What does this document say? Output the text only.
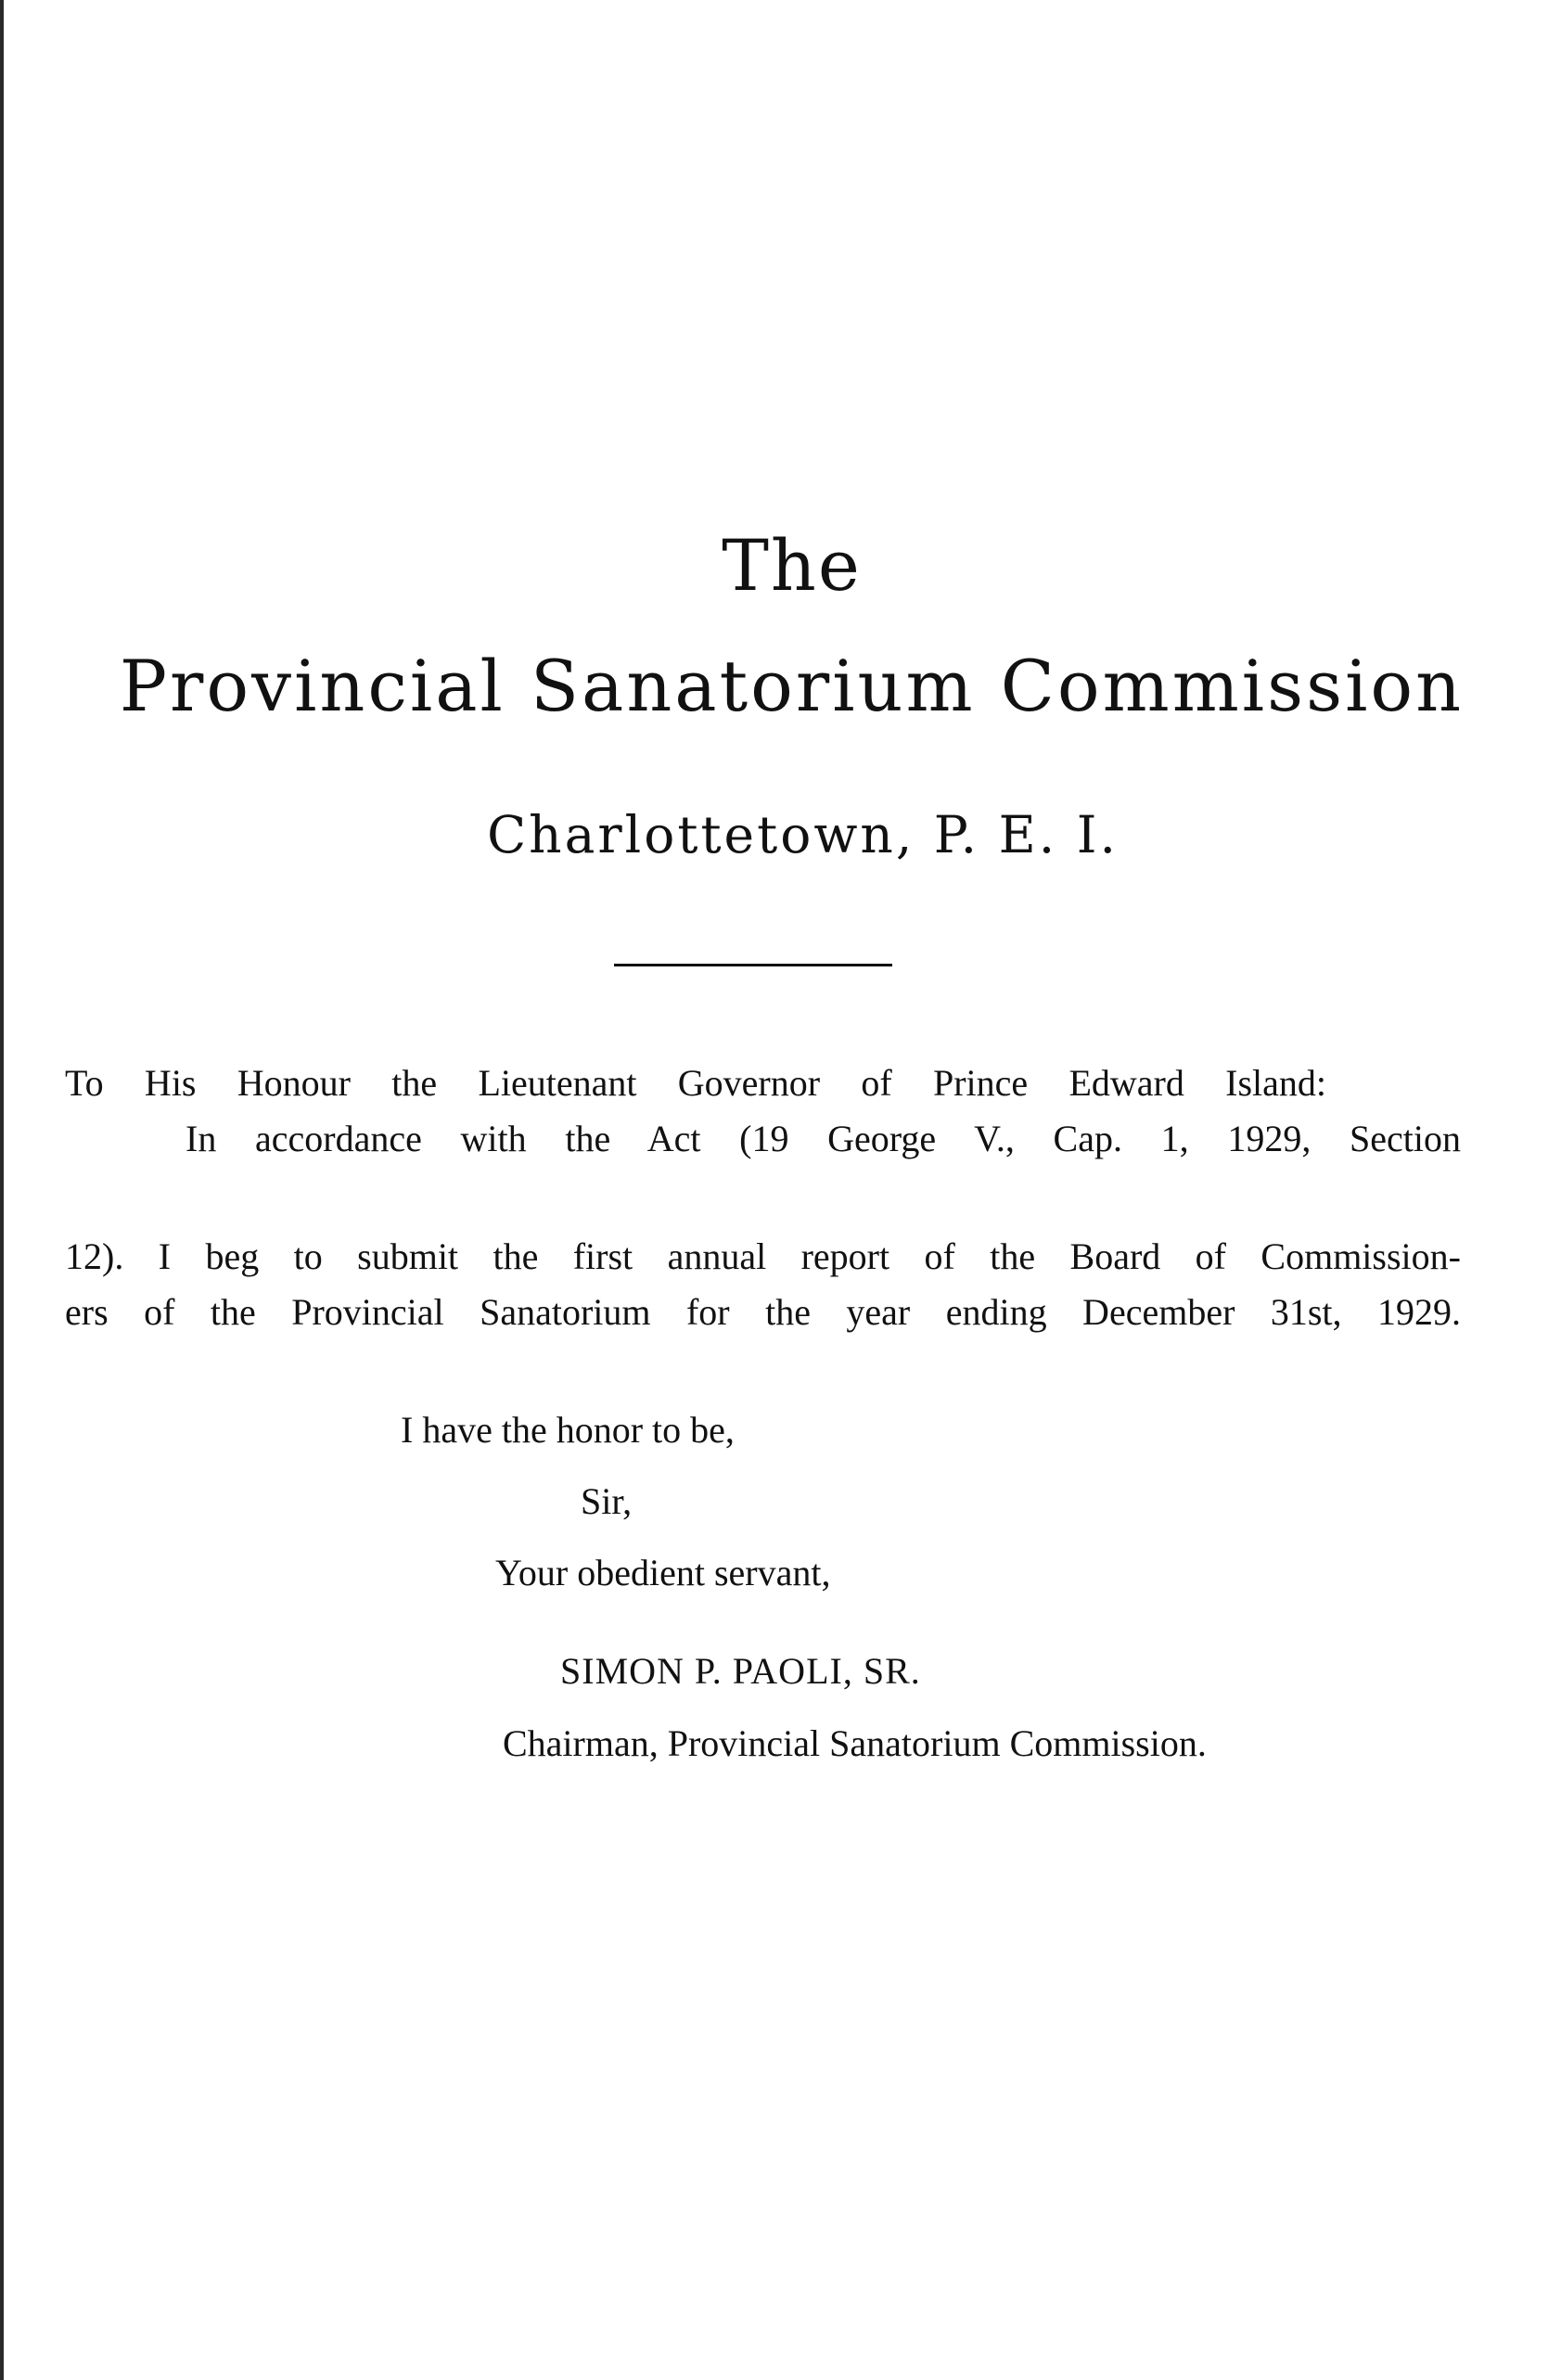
The
Provincial Sanatorium Commission
Charlottetown, P. E. I.
To His Honour the Lieutenant Governor of Prince Edward Island:
In accordance with the Act (19 George V., Cap. 1, 1929, Section
12). I beg to submit the first annual report of the Board of Commission-
ers of the Provincial Sanatorium for the year ending December 31st, 1929.
I have the honor to be,
Sir,
Your obedient servant,
SIMON P. PAOLI, SR.
Chairman, Provincial Sanatorium Commission.
